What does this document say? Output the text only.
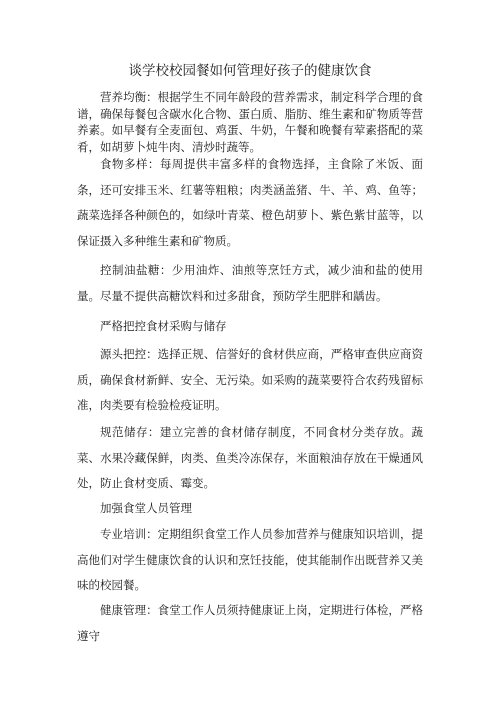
谈学校校园餐如何管理好孩子的健康饮食

营养均衡：根据学生不同年龄段的营养需求，制定科学合理的食谱，确保每餐包含碳水化合物、蛋白质、脂肪、维生素和矿物质等营养素。如早餐有全麦面包、鸡蛋、牛奶，午餐和晚餐有荤素搭配的菜肴，如胡萝卜炖牛肉、清炒时蔬等。

食物多样：每周提供丰富多样的食物选择，主食除了米饭、面条，还可安排玉米、红薯等粗粮；肉类涵盖猪、牛、羊、鸡、鱼等；蔬菜选择各种颜色的，如绿叶青菜、橙色胡萝卜、紫色紫甘蓝等，以保证摄入多种维生素和矿物质。

控制油盐糖：少用油炸、油煎等烹饪方式，减少油和盐的使用量。尽量不提供高糖饮料和过多甜食，预防学生肥胖和龋齿。

严格把控食材采购与储存

源头把控：选择正规、信誉好的食材供应商，严格审查供应商资质，确保食材新鲜、安全、无污染。如采购的蔬菜要符合农药残留标准，肉类要有检验检疫证明。

规范储存：建立完善的食材储存制度，不同食材分类存放。蔬菜、水果冷藏保鲜，肉类、鱼类冷冻保存，米面粮油存放在干燥通风处，防止食材变质、霉变。

加强食堂人员管理

专业培训：定期组织食堂工作人员参加营养与健康知识培训，提高他们对学生健康饮食的认识和烹饪技能，使其能制作出既营养又美味的校园餐。

健康管理：食堂工作人员须持健康证上岗，定期进行体检，严格遵守
